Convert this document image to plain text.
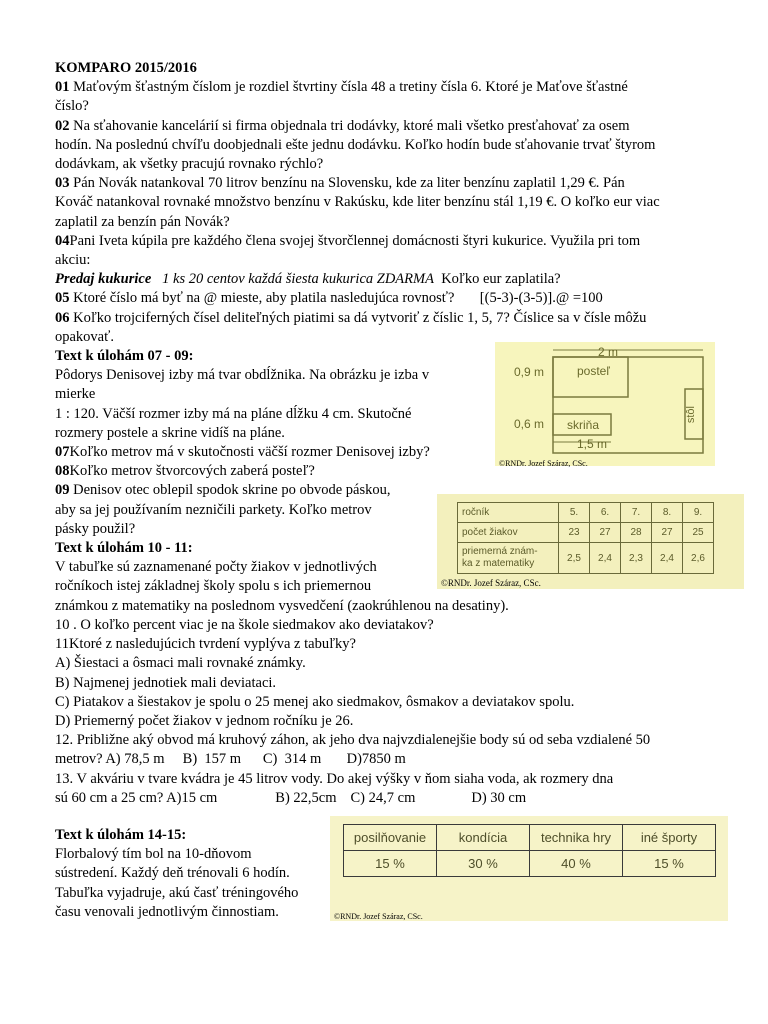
KOMPARO 2015/2016
01 Maťovým šťastným číslom je rozdiel štvrtiny čísla 48 a tretiny čísla 6. Ktoré je Maťove šťastné
číslo?
02 Na sťahovanie kancelárií si firma objednala tri dodávky, ktoré mali všetko presťahovať za osem
hodín. Na poslednú chvíľu doobjednali ešte jednu dodávku. Koľko hodín bude sťahovanie trvať štyrom
dodávkam, ak všetky pracujú rovnako rýchlo?
03 Pán Novák natankoval 70 litrov benzínu na Slovensku, kde za liter benzínu zaplatil 1,29 €. Pán
Kováč natankoval rovnaké množstvo benzínu v Rakúsku, kde liter benzínu stál 1,19 €. O koľko eur viac
zaplatil za benzín pán Novák?
04Pani Iveta kúpila pre každého člena svojej štvorčlennej domácnosti štyri kukurice. Využila pri tom
akciu:
Predaj kukurice 1 ks 20 centov každá šiesta kukurica ZDARMA Koľko eur zaplatila?
05 Ktoré číslo má byť na @ mieste, aby platila nasledujúca rovnosť? [(5-3)-(3-5)].@ =100
06 Koľko trojciferných čísel deliteľných piatimi sa dá vytvoriť z číslic 1, 5, 7? Číslice sa v čísle môžu
opakovať.
Text k úlohám 07 - 09:
Pôdorys Denisovej izby má tvar obdĺžnika. Na obrázku je izba v
mierke
1 : 120. Väčší rozmer izby má na pláne dĺžku 4 cm. Skutočné
rozmery postele a skrine vidíš na pláne.
07Koľko metrov má v skutočnosti väčší rozmer Denisovej izby?
08Koľko metrov štvorcových zaberá posteľ?
09 Denisov otec oblepil spodok skrine po obvode páskou,
aby sa jej používaním nezničili parkety. Koľko metrov
pásky použil?
Text k úlohám 10 - 11:
V tabuľke sú zaznamenané počty žiakov v jednotlivých
ročníkoch istej základnej školy spolu s ich priemernou
známkou z matematiky na poslednom vysvedčení (zaokrúhlenou na desatiny).
10 . O koľko percent viac je na škole siedmakov ako deviatakov?
11Ktoré z nasledujúcich tvrdení vyplýva z tabuľky?
A) Šiestaci a ôsmaci mali rovnaké známky.
B) Najmenej jednotiek mali deviataci.
C) Piatakov a šiestakov je spolu o 25 menej ako siedmakov, ôsmakov a deviatakov spolu.
D) Priemerný počet žiakov v jednom ročníku je 26.
12. Približne aký obvod má kruhový záhon, ak jeho dva najvzdialenejšie body sú od seba vzdialené 50
metrov? A) 78,5 m     B)  157 m      C)  314 m       D)7850 m
13. V akváriu v tvare kvádra je 45 litrov vody. Do akej výšky v ňom siaha voda, ak rozmery dna
sú 60 cm a 25 cm? A)15 cm	B) 22,5cm C) 24,7 cm	D) 30 cm
Text k úlohám 14-15:
Florbalový tím bol na 10-dňovom
sústredení. Každý deň trénovali 6 hodín.
Tabuľka vyjadruje, akú časť tréningového
času venovali jednotlivým činnostiam.
2 m
0,9 m	posteľ
0,6 m skriňa
1,5 m
stôl
©RNDr. Jozef Száraz, CSc.
ročník	5.	6.	7.	8.	9.
počet žiakov	23	27	28	27	25
priemerná znám-
ka z matematiky	2,5	2,4	2,3	2,4	2,6
©RNDr. Jozef Száraz, CSc.
posilňovanie	kondícia	technika hry	iné športy
15 %	30 %	40 %	15 %
©RNDr. Jozef Száraz, CSc.
